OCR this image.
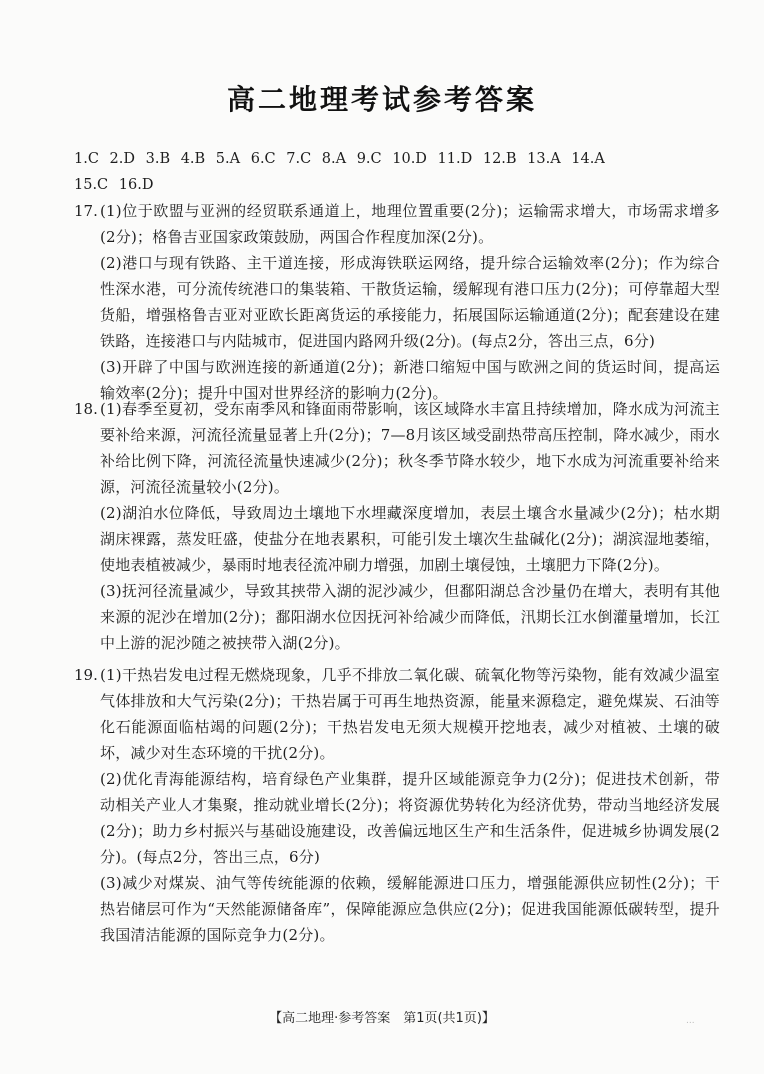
高二地理考试参考答案
1.C 2.D 3.B 4.B 5.A 6.C 7.C 8.A 9.C 10.D 11.D 12.B 13.A 14.A
15.C 16.D
17. (1)位于欧盟与亚洲的经贸联系通道上，地理位置重要(2分)；运输需求增大，市场需求增多(2分)；格鲁吉亚国家政策鼓励，两国合作程度加深(2分)。
(2)港口与现有铁路、主干道连接，形成海铁联运网络，提升综合运输效率(2分)；作为综合性深水港，可分流传统港口的集装箱、干散货运输，缓解现有港口压力(2分)；可停靠超大型货船，增强格鲁吉亚对亚欧长距离货运的承接能力，拓展国际运输通道(2分)；配套建设在建铁路，连接港口与内陆城市，促进国内路网升级(2分)。(每点2分，答出三点，6分)
(3)开辟了中国与欧洲连接的新通道(2分)；新港口缩短中国与欧洲之间的货运时间，提高运输效率(2分)；提升中国对世界经济的影响力(2分)。
18. (1)春季至夏初，受东南季风和锋面雨带影响，该区域降水丰富且持续增加，降水成为河流主要补给来源，河流径流量显著上升(2分)；7—8月该区域受副热带高压控制，降水减少，雨水补给比例下降，河流径流量快速减少(2分)；秋冬季节降水较少，地下水成为河流重要补给来源，河流径流量较小(2分)。
(2)湖泊水位降低，导致周边土壤地下水埋藏深度增加，表层土壤含水量减少(2分)；枯水期湖床裸露，蒸发旺盛，使盐分在地表累积，可能引发土壤次生盐碱化(2分)；湖滨湿地萎缩，使地表植被减少，暴雨时地表径流冲刷力增强，加剧土壤侵蚀，土壤肥力下降(2分)。
(3)抚河径流量减少，导致其挟带入湖的泥沙减少，但鄱阳湖总含沙量仍在增大，表明有其他来源的泥沙在增加(2分)；鄱阳湖水位因抚河补给减少而降低，汛期长江水倒灌量增加，长江中上游的泥沙随之被挟带入湖(2分)。
19. (1)干热岩发电过程无燃烧现象，几乎不排放二氧化碳、硫氧化物等污染物，能有效减少温室气体排放和大气污染(2分)；干热岩属于可再生地热资源，能量来源稳定，避免煤炭、石油等化石能源面临枯竭的问题(2分)；干热岩发电无须大规模开挖地表，减少对植被、土壤的破坏，减少对生态环境的干扰(2分)。
(2)优化青海能源结构，培育绿色产业集群，提升区域能源竞争力(2分)；促进技术创新，带动相关产业人才集聚，推动就业增长(2分)；将资源优势转化为经济优势，带动当地经济发展(2分)；助力乡村振兴与基础设施建设，改善偏远地区生产和生活条件，促进城乡协调发展(2分)。(每点2分，答出三点，6分)
(3)减少对煤炭、油气等传统能源的依赖，缓解能源进口压力，增强能源供应韧性(2分)；干热岩储层可作为“天然能源储备库”，保障能源应急供应(2分)；促进我国能源低碳转型，提升我国清洁能源的国际竞争力(2分)。
【高二地理·参考答案　第1页(共1页)】	...
